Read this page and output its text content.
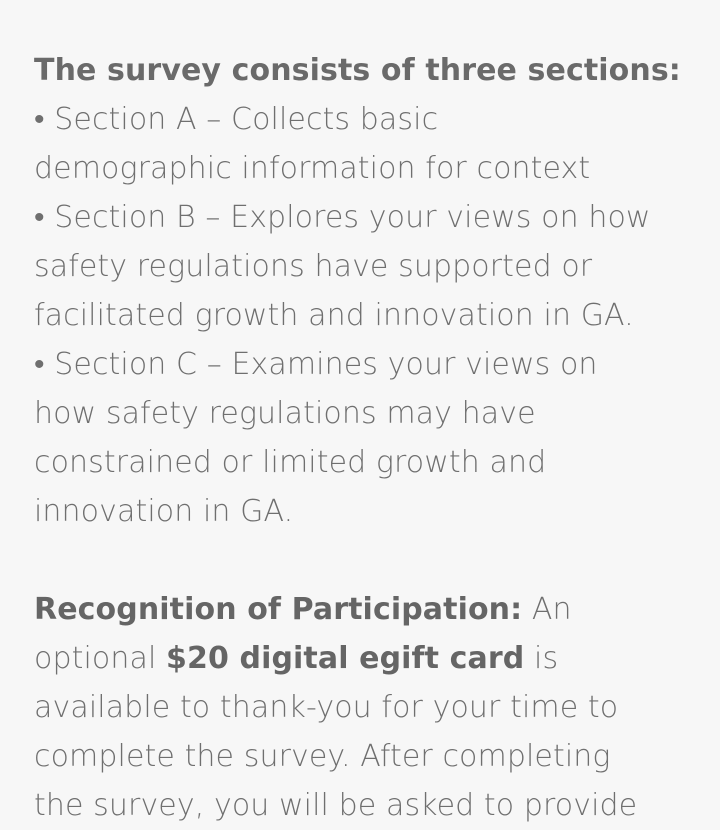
The survey consists of three sections:
• Section A – Collects basic
demographic information for context
• Section B – Explores your views on how
safety regulations have supported or
facilitated growth and innovation in GA.
• Section C – Examines your views on
how safety regulations may have
constrained or limited growth and
innovation in GA.
Recognition of Participation: An
optional $20 digital egift card is
available to thank-you for your time to
complete the survey. After completing
the survey, you will be asked to provide
